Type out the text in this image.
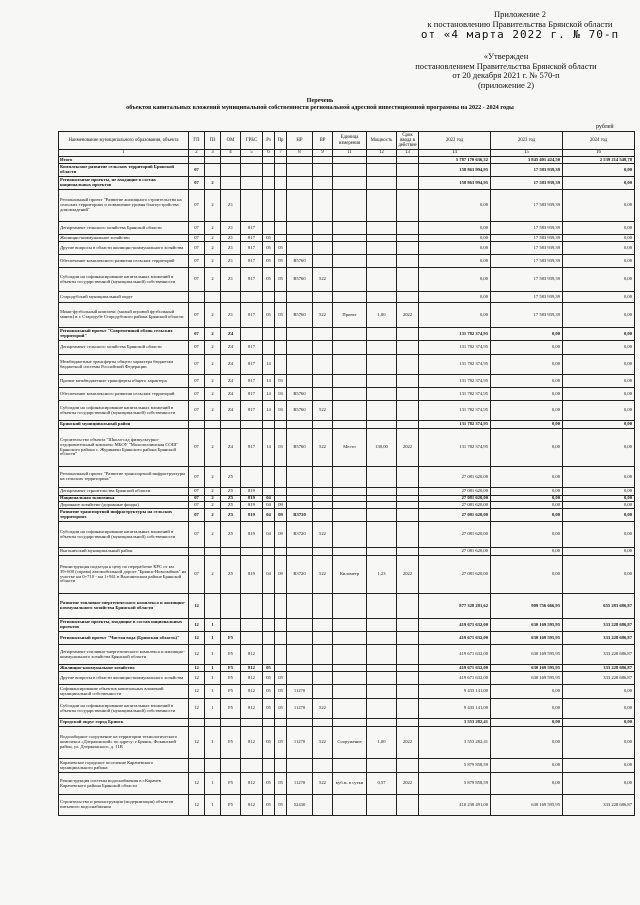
Приложение 2
к постановлению Правительства Брянской области
от «4 марта 2022 г. № 70-п
«Утвержден
постановлением Правительства Брянской области
от 20 декабря 2021 г. № 570-п
(приложение 2)
Перечень
объектов капитальных вложений муниципальной собственности региональной адресной инвестиционной программы на 2022 - 2024 годы
рублей
Наименование муниципального образования, объекта	ГП	ПЗ	ОМ	ГРБС	Рз	Пр	НР	ВР	Единица измерения	Мощность	Срок ввода в действие	2022 год	2023 год	2024 год
1	2	3	4	5	6	7	8	9	11	12	13	14	15	16
Итого												5 787 170 636,32	3 845 401 424,50	2 539 214 548,78
Комплексное развитие сельских территорий Брянской области	07											158 863 994,95	17 583 939,39	0,00
Региональные проекты, не входящие в состав национальных проектов	07	2										158 863 994,95	17 583 939,39	0,00
Региональный проект "Развитие жилищного строительства на сельских территориях и повышение уровня благоустройства домовладений"	07	2	Z1									0,00	17 583 939,39	0,00
Департамент сельского хозяйства Брянской области	07	2	Z1	817								0,00	17 583 939,39	0,00
Жилищно-коммунальное хозяйство	07	2	Z1	817	05							0,00	17 583 939,39	0,00
Другие вопросы в области жилищно-коммунального хозяйства	07	2	Z1	817	05	05						0,00	17 583 939,39	0,00
Обеспечение комплексного развития сельских территорий	07	2	Z1	817	05	05	R5760					0,00	17 583 939,39	0,00
Субсидии на софинансирование капитальных вложений в объекты государственной (муниципальной) собственности	07	2	Z1	817	05	05	R5760	522				0,00	17 583 939,39	0,00
Стародубский муниципальный округ												0,00	17 583 939,39	0,00
Мини-футбольный комплекс (малый игровой футбольный манеж) в г. Стародубе Стародубского района Брянской области	07	2	Z1	817	05	05	R5760	522	Проект	1,00	2022	0,00	17 583 939,39	0,00
Региональный проект "Современный облик сельских территорий"	07	2	Z4									131 782 374,95	0,00	0,00
Департамент сельского хозяйства Брянской области	07	2	Z4	817								131 782 374,95	0,00	0,00
Межбюджетные трансферты общего характера бюджетам бюджетной системы Российской Федерации	07	2	Z4	817	14							131 782 374,95	0,00	0,00
Прочие межбюджетные трансферты общего характера	07	2	Z4	817	14	03						131 782 374,95	0,00	0,00
Обеспечение комплексного развития сельских территорий	07	2	Z4	817	14	03	R5760					131 782 374,95	0,00	0,00
Субсидии на софинансирование капитальных вложений в объекты государственной (муниципальной) собственности	07	2	Z4	817	14	03	R5760	522				131 782 374,95	0,00	0,00
Брянский муниципальный район												131 782 374,95	0,00	0,00
Строительство объекта "Школа-сад физкультурно-оздоровительный комплекс МБОУ "Малополпинская СОШ" Брянского района с. Журиничи Брянского района Брянской области"	07	2	Z4	817	14	03	R5760	522	Место	130,00	2022	131 782 374,95	0,00	0,00
Региональный проект "Развитие транспортной инфраструктуры на сельских территориях"	07	2	Z5									27 081 620,00	0,00	0,00
Департамент строительства Брянской области	07	2	Z5	819								27 081 620,00	0,00	0,00
Национальная экономика	07	2	Z5	819	04							27 081 620,00	0,00	0,00
Дорожное хозяйство (дорожные фонды)	07	2	Z5	819	04	09						27 081 620,00	0,00	0,00
Развитие транспортной инфраструктуры на сельских территориях	07	2	Z5	819	04	09	R3720					27 081 620,00	0,00	0,00
Субсидии на софинансирование капитальных вложений в объекты государственной (муниципальной) собственности	07	2	Z5	819	04	09	R3720	522				27 081 620,00	0,00	0,00
Выгоничский муниципальный район												27 081 620,00	0,00	0,00
Реконструкция подъезда к цеху по переработке КРС от км 39+600 (справа) автомобильной дороге "Брянск-Новозыбков" на участке км 0+710 - км 1+941 в Выгоничском районе Брянской области	07	2	Z5	819	04	09	R3720	522	Километр	1,23	2022	27 081 620,00	0,00	0,00
Развитие топливно-энергетического комплекса и жилищно-коммунального хозяйства Брянской области	12											877 328 281,62	909 756 666,95	655 283 686,87
Региональные проекты, входящие в состав национальных проектов	12	1										419 671 632,00	630 169 595,95	333 228 686,87
Региональный проект "Чистая вода (Брянская область)"	12	1	F5									419 671 632,00	630 169 595,95	333 228 686,87
Департамент топливно-энергетического комплекса и жилищно-коммунального хозяйства Брянской области	12	1	F5	812								419 671 632,00	630 169 595,95	333 228 686,87
Жилищно-коммунальное хозяйство	12	1	F5	812	05							419 671 632,00	630 169 595,95	333 228 686,87
Другие вопросы в области жилищно-коммунального хозяйства	12	1	F5	812	05	05						419 671 632,00	630 169 595,95	333 228 686,87
Софинансирование объектов капитальных вложений муниципальной собственности	12	1	F5	812	05	05	11270					9 433 141,00	0,00	0,00
Субсидии на софинансирование капитальных вложений в объекты государственной (муниципальной) собственности	12	1	F5	812	05	05	11270	522				9 433 141,00	0,00	0,00
Городской округ город Брянск												3 553 282,41	0,00	0,00
Водозаборное сооружение на территории технологического комплекса «Дзержинский» по адресу: г.Брянск, Фокинский район, ул. Дзержинского, д. 11В	12	1	F5	812	05	05	11270	522	Сооружение	1,00	2022	3 553 282,41	0,00	0,00
Карачевское городское поселение Карачевского муниципального района												5 879 858,59	0,00	0,00
Реконструкция системы водоснабжения в г.Карачев Карачевского района Брянской области	12	1	F5	812	05	05	11270	522	куб.м. в сутки	0,57	2022	5 879 858,59	0,00	0,00
Строительство и реконструкция (модернизация) объектов питьевого водоснабжения	12	1	F5	812	05	05	52430					410 238 491,00	630 169 595,95	333 228 686,87
